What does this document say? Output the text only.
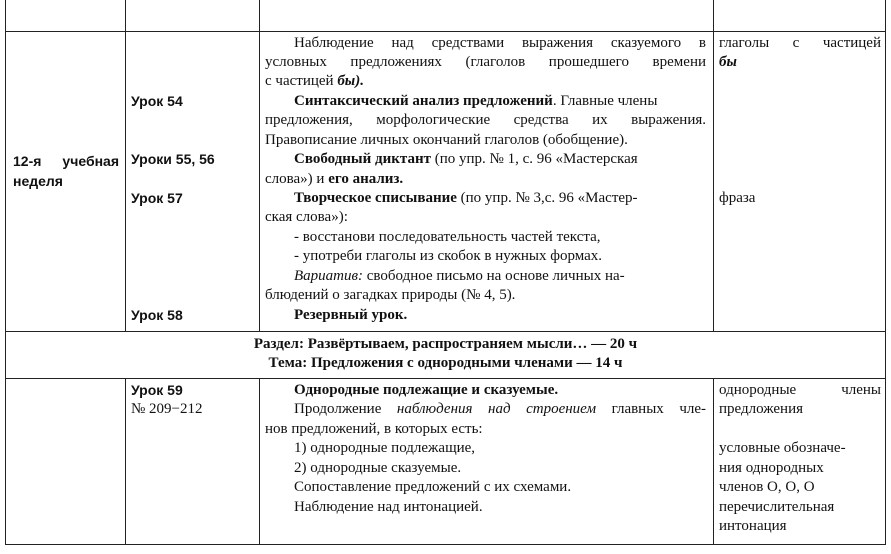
12-я учебная
неделя
Урок 54
Уроки 55, 56
Урок 57
Урок 58
Наблюдение над средствами выражения сказуемого в
условных предложениях (глаголов прошедшего времени
с частицей бы).
Синтаксический анализ предложений. Главные члены
предложения, морфологические средства их выражения.
Правописание личных окончаний глаголов (обобщение).
Свободный диктант (по упр. № 1, с. 96 «Мастерская
слова») и его анализ.
Творческое списывание (по упр. № 3,с. 96 «Мастер-
ская слова»):
- восстанови последовательность частей текста,
- употреби глаголы из скобок в нужных формах.
Вариатив: свободное письмо на основе личных на-
блюдений о загадках природы (№ 4, 5).
Резервный урок.
глаголы с частицей
бы
фраза
Раздел: Развёртываем, распространяем мысли… — 20 ч
Тема: Предложения с однородными членами — 14 ч
Урок 59
№ 209−212
Однородные подлежащие и сказуемые.
Продолжение наблюдения над строением главных чле-
нов предложений, в которых есть:
1) однородные подлежащие,
2) однородные сказуемые.
Сопоставление предложений с их схемами.
Наблюдение над интонацией.
однородные члены
предложения
условные обозначе-
ния однородных
членов О, О, О
перечислительная
интонация
